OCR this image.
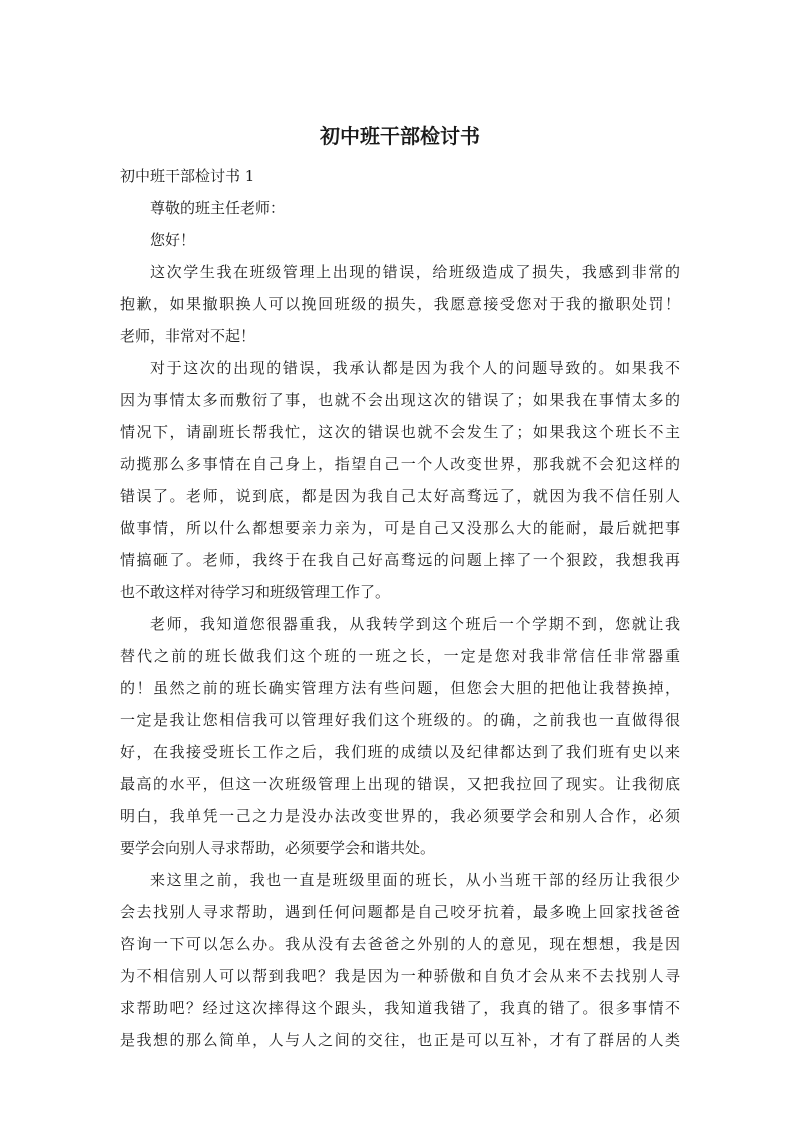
初中班干部检讨书

初中班干部检讨书 1

尊敬的班主任老师：

您好！

这次学生我在班级管理上出现的错误，给班级造成了损失，我感到非常的

抱歉，如果撤职换人可以挽回班级的损失，我愿意接受您对于我的撤职处罚！

老师，非常对不起！

对于这次的出现的错误，我承认都是因为我个人的问题导致的。如果我不

因为事情太多而敷衍了事，也就不会出现这次的错误了；如果我在事情太多的

情况下，请副班长帮我忙，这次的错误也就不会发生了；如果我这个班长不主

动揽那么多事情在自己身上，指望自己一个人改变世界，那我就不会犯这样的

错误了。老师，说到底，都是因为我自己太好高骛远了，就因为我不信任别人

做事情，所以什么都想要亲力亲为，可是自己又没那么大的能耐，最后就把事

情搞砸了。老师，我终于在我自己好高骛远的问题上摔了一个狠跤，我想我再

也不敢这样对待学习和班级管理工作了。

老师，我知道您很器重我，从我转学到这个班后一个学期不到，您就让我

替代之前的班长做我们这个班的一班之长，一定是您对我非常信任非常器重

的！虽然之前的班长确实管理方法有些问题，但您会大胆的把他让我替换掉，

一定是我让您相信我可以管理好我们这个班级的。的确，之前我也一直做得很

好，在我接受班长工作之后，我们班的成绩以及纪律都达到了我们班有史以来

最高的水平，但这一次班级管理上出现的错误，又把我拉回了现实。让我彻底

明白，我单凭一己之力是没办法改变世界的，我必须要学会和别人合作，必须

要学会向别人寻求帮助，必须要学会和谐共处。

来这里之前，我也一直是班级里面的班长，从小当班干部的经历让我很少

会去找别人寻求帮助，遇到任何问题都是自己咬牙抗着，最多晚上回家找爸爸

咨询一下可以怎么办。我从没有去爸爸之外别的人的意见，现在想想，我是因

为不相信别人可以帮到我吧？我是因为一种骄傲和自负才会从来不去找别人寻

求帮助吧？经过这次摔得这个跟头，我知道我错了，我真的错了。很多事情不

是我想的那么简单，人与人之间的交往，也正是可以互补，才有了群居的人类
